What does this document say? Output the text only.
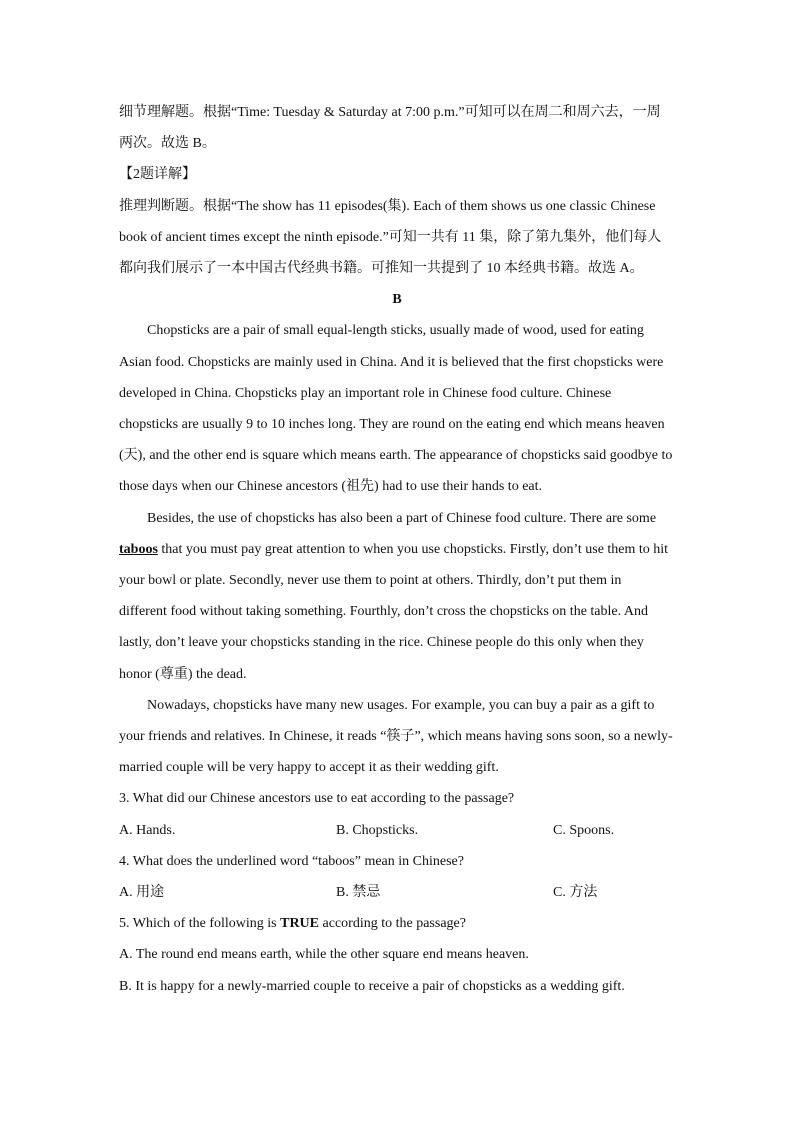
细节理解题。根据“Time: Tuesday & Saturday at 7:00 p.m.”可知可以在周二和周六去，一周

两次。故选 B。

【2题详解】

推理判断题。根据“The show has 11 episodes(集). Each of them shows us one classic Chinese

book of ancient times except the ninth episode.”可知一共有 11 集，除了第九集外，他们每人

都向我们展示了一本中国古代经典书籍。可推知一共提到了 10 本经典书籍。故选 A。

B

Chopsticks are a pair of small equal-length sticks, usually made of wood, used for eating

Asian food. Chopsticks are mainly used in China. And it is believed that the first chopsticks were

developed in China. Chopsticks play an important role in Chinese food culture. Chinese

chopsticks are usually 9 to 10 inches long. They are round on the eating end which means heaven

(天), and the other end is square which means earth. The appearance of chopsticks said goodbye to

those days when our Chinese ancestors (祖先) had to use their hands to eat.

Besides, the use of chopsticks has also been a part of Chinese food culture. There are some

taboos that you must pay great attention to when you use chopsticks. Firstly, don’t use them to hit

your bowl or plate. Secondly, never use them to point at others. Thirdly, don’t put them in

different food without taking something. Fourthly, don’t cross the chopsticks on the table. And

lastly, don’t leave your chopsticks standing in the rice. Chinese people do this only when they

honor (尊重) the dead.

Nowadays, chopsticks have many new usages. For example, you can buy a pair as a gift to

your friends and relatives. In Chinese, it reads “筷子”, which means having sons soon, so a newly-

married couple will be very happy to accept it as their wedding gift.

3. What did our Chinese ancestors use to eat according to the passage?

A. Hands.	B. Chopsticks.	C. Spoons.

4. What does the underlined word “taboos” mean in Chinese?

A. 用途	B. 禁忌	C. 方法

5. Which of the following is TRUE according to the passage?

A. The round end means earth, while the other square end means heaven.

B. It is happy for a newly-married couple to receive a pair of chopsticks as a wedding gift.
